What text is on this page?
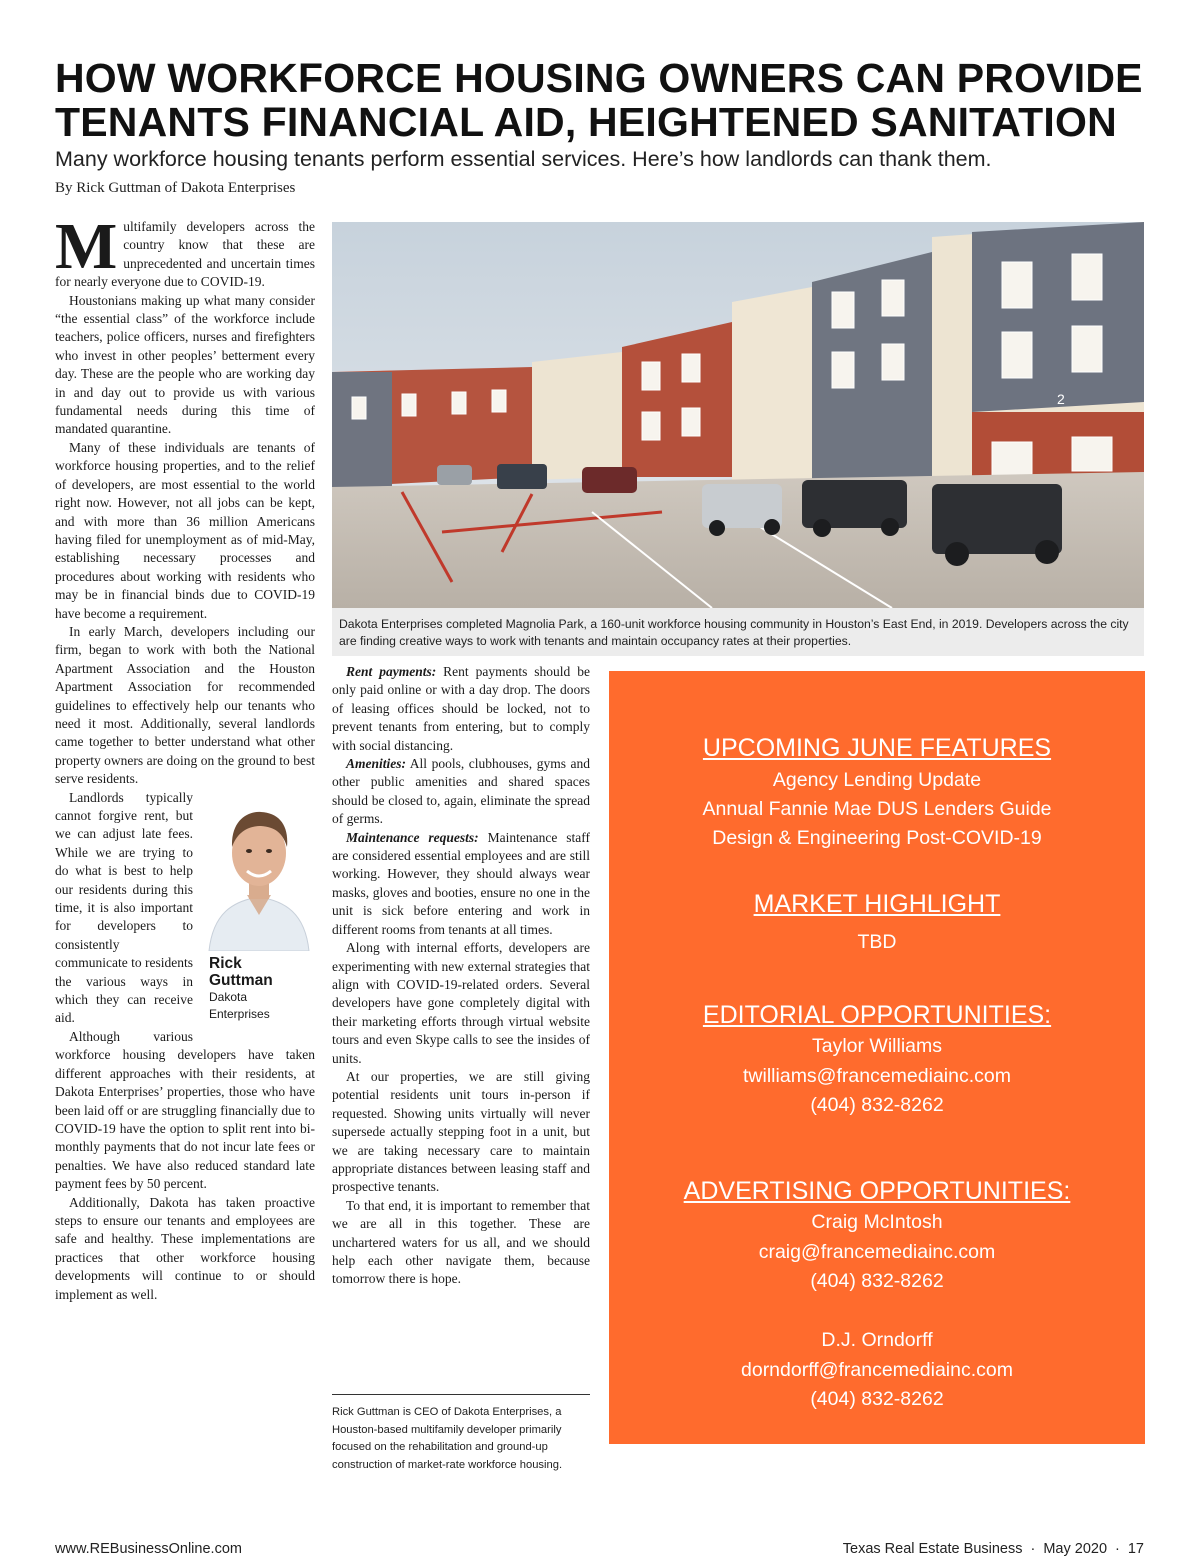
HOW WORKFORCE HOUSING OWNERS CAN PROVIDE
TENANTS FINANCIAL AID, HEIGHTENED SANITATION
Many workforce housing tenants perform essential services. Here’s how landlords can thank them.
By Rick Guttman of Dakota Enterprises

Multifamily developers across the country know that these are unprecedented and uncertain times for nearly everyone due to COVID-19.

Houstonians making up what many consider “the essential class” of the workforce include teachers, police officers, nurses and firefighters who invest in other peoples’ betterment every day. These are the people who are working day in and day out to provide us with various fundamental needs during this time of mandated quarantine.

Many of these individuals are tenants of workforce housing properties, and to the relief of developers, are most essential to the world right now. However, not all jobs can be kept, and with more than 36 million Americans having filed for unemployment as of mid-May, establishing necessary processes and procedures about working with residents who may be in financial binds due to COVID-19 have become a requirement.

In early March, developers including our firm, began to work with both the National Apartment Association and the Houston Apartment Association for recommended guidelines to effectively help our tenants who need it most. Additionally, several landlords came together to better understand what other property owners are doing on the ground to best serve residents.

Rick
Guttman
Dakota
Enterprises

Landlords typically cannot forgive rent, but we can adjust late fees. While we are trying to do what is best to help our residents during this time, it is also important for developers to consistently communicate to residents the various ways in which they can receive aid.

Although various workforce housing developers have taken different approaches with their residents, at Dakota Enterprises’ properties, those who have been laid off or are struggling financially due to COVID-19 have the option to split rent into bi-monthly payments that do not incur late fees or penalties. We have also reduced standard late payment fees by 50 percent.

Additionally, Dakota has taken proactive steps to ensure our tenants and employees are safe and healthy. These implementations are practices that other workforce housing developments will continue to or should implement as well.

2
Dakota Enterprises completed Magnolia Park, a 160-unit workforce housing community in Houston’s East End, in 2019. Developers across the city are finding creative ways to work with tenants and maintain occupancy rates at their properties.

Rent payments: Rent payments should be only paid online or with a day drop. The doors of leasing offices should be locked, not to prevent tenants from entering, but to comply with social distancing.

Amenities: All pools, clubhouses, gyms and other public amenities and shared spaces should be closed to, again, eliminate the spread of germs.

Maintenance requests: Maintenance staff are considered essential employees and are still working. However, they should always wear masks, gloves and booties, ensure no one in the unit is sick before entering and work in different rooms from tenants at all times.

Along with internal efforts, developers are experimenting with new external strategies that align with COVID-19-related orders. Several developers have gone completely digital with their marketing efforts through virtual website tours and even Skype calls to see the insides of units.

At our properties, we are still giving potential residents unit tours in-person if requested. Showing units virtually will never supersede actually stepping foot in a unit, but we are taking necessary care to maintain appropriate distances between leasing staff and prospective tenants.

To that end, it is important to remember that we are all in this together. These are unchartered waters for us all, and we should help each other navigate them, because tomorrow there is hope.

Rick Guttman is CEO of Dakota Enterprises, a Houston-based multifamily developer primarily focused on the rehabilitation and ground-up construction of market-rate workforce housing.
UPCOMING JUNE FEATURES
Agency Lending Update
Annual Fannie Mae DUS Lenders Guide
Design & Engineering Post-COVID-19
MARKET HIGHLIGHT
TBD
EDITORIAL OPPORTUNITIES:
Taylor Williams
twilliams@francemediainc.com
(404) 832-8262
ADVERTISING OPPORTUNITIES:
Craig McIntosh
craig@francemediainc.com
(404) 832-8262
D.J. Orndorff
dorndorff@francemediainc.com
(404) 832-8262
www.REBusinessOnline.com	Texas Real Estate Business · May 2020 · 17
